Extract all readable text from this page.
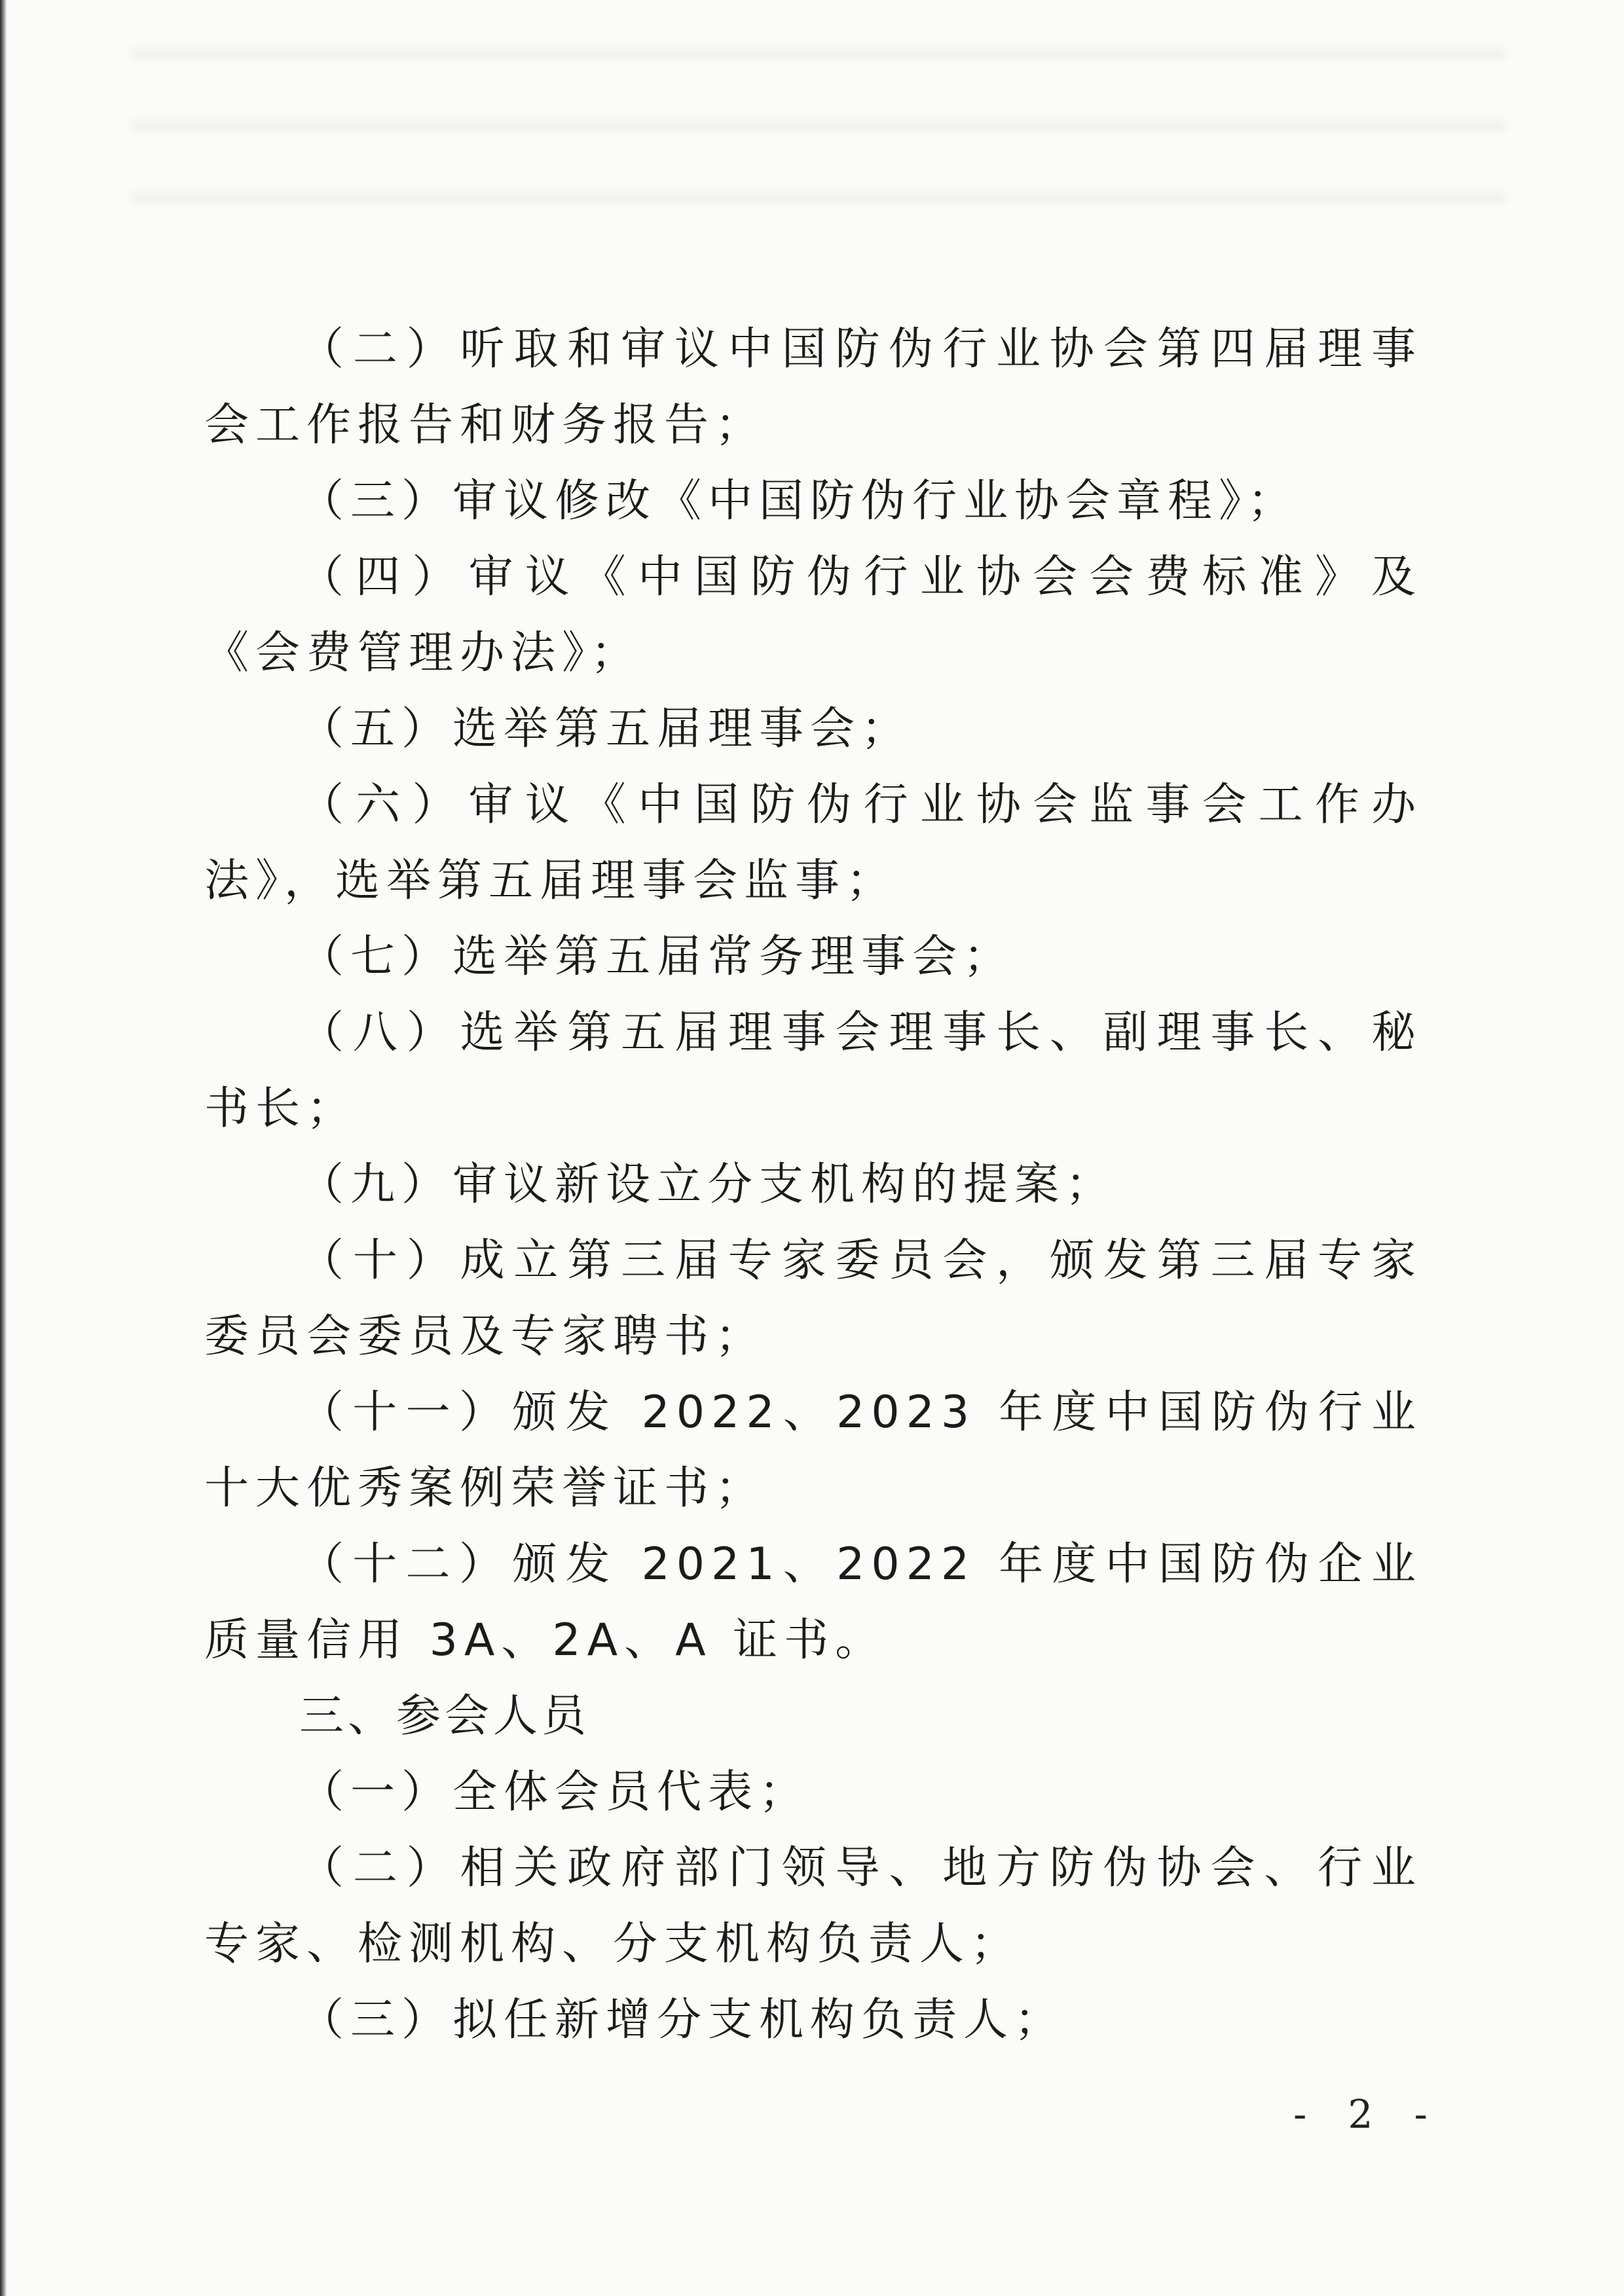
（二）听取和审议中国防伪行业协会第四届理事会工作报告和财务报告；

（三）审议修改《中国防伪行业协会章程》；

（四）审议《中国防伪行业协会会费标准》及《会费管理办法》；

（五）选举第五届理事会；

（六）审议《中国防伪行业协会监事会工作办法》，选举第五届理事会监事；

（七）选举第五届常务理事会；

（八）选举第五届理事会理事长、副理事长、秘书长；

（九）审议新设立分支机构的提案；

（十）成立第三届专家委员会，颁发第三届专家委员会委员及专家聘书；

（十一）颁发 2022、2023 年度中国防伪行业十大优秀案例荣誉证书；

（十二）颁发 2021、2022 年度中国防伪企业质量信用 3A、2A、A 证书。

三、参会人员

（一）全体会员代表；

（二）相关政府部门领导、地方防伪协会、行业专家、检测机构、分支机构负责人；

（三）拟任新增分支机构负责人；

- 2 -
